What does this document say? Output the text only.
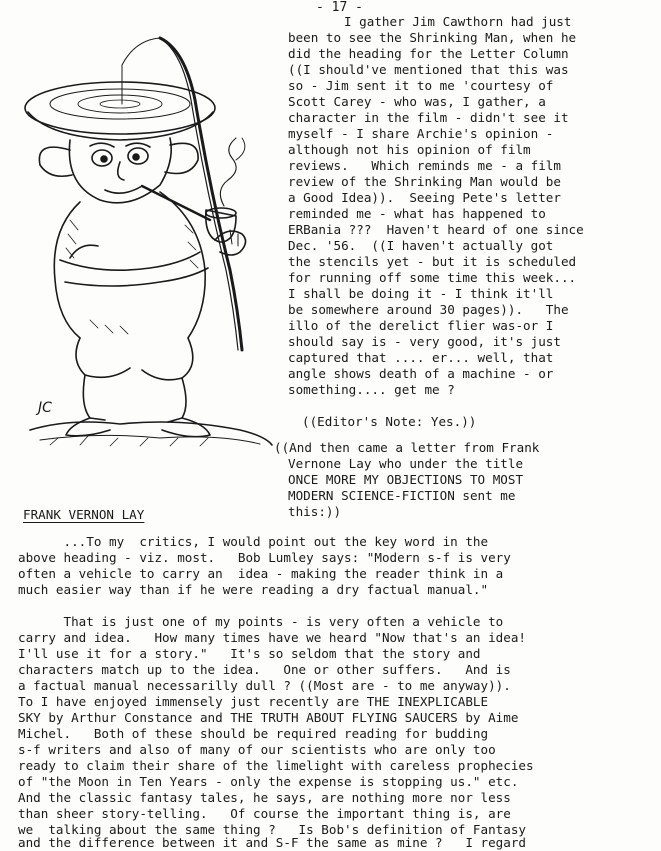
- 17 -
JC
I gather Jim Cawthorn had just
been to see the Shrinking Man, when he
did the heading for the Letter Column
((I should've mentioned that this was
so - Jim sent it to me 'courtesy of
Scott Carey - who was, I gather, a
character in the film - didn't see it
myself - I share Archie's opinion -
although not his opinion of film
reviews.   Which reminds me - a film
review of the Shrinking Man would be
a Good Idea)).  Seeing Pete's letter
reminded me - what has happened to
ERBania ???  Haven't heard of one since
Dec. '56.  ((I haven't actually got
the stencils yet - but it is scheduled
for running off some time this week...
I shall be doing it - I think it'll
be somewhere around 30 pages)).   The
illo of the derelict flier was-or I
should say is - very good, it's just
captured that .... er... well, that
angle shows death of a machine - or
something.... get me ?
((Editor's Note: Yes.))
((And then came a letter from Frank
Vernone Lay who under the title
ONCE MORE MY OBJECTIONS TO MOST
MODERN SCIENCE-FICTION sent me
this:))
FRANK VERNON LAY
...To my  critics, I would point out the key word in the
above heading - viz. most.   Bob Lumley says: "Modern s-f is very
often a vehicle to carry an  idea - making the reader think in a
much easier way than if he were reading a dry factual manual."
That is just one of my points - is very often a vehicle to
carry and idea.   How many times have we heard "Now that's an idea!
I'll use it for a story."   It's so seldom that the story and
characters match up to the idea.   One or other suffers.   And is
a factual manual necessarilly dull ? ((Most are - to me anyway)).
To I have enjoyed immensely just recently are THE INEXPLICABLE
SKY by Arthur Constance and THE TRUTH ABOUT FLYING SAUCERS by Aime
Michel.   Both of these should be required reading for budding
s-f writers and also of many of our scientists who are only too
ready to claim their share of the limelight with careless prophecies
of "the Moon in Ten Years - only the expense is stopping us." etc.
And the classic fantasy tales, he says, are nothing more nor less
than sheer story-telling.   Of course the important thing is, are
we  talking about the same thing ?   Is Bob's definition of Fantasy
and the difference between it and S-F the same as mine ?   I regard
